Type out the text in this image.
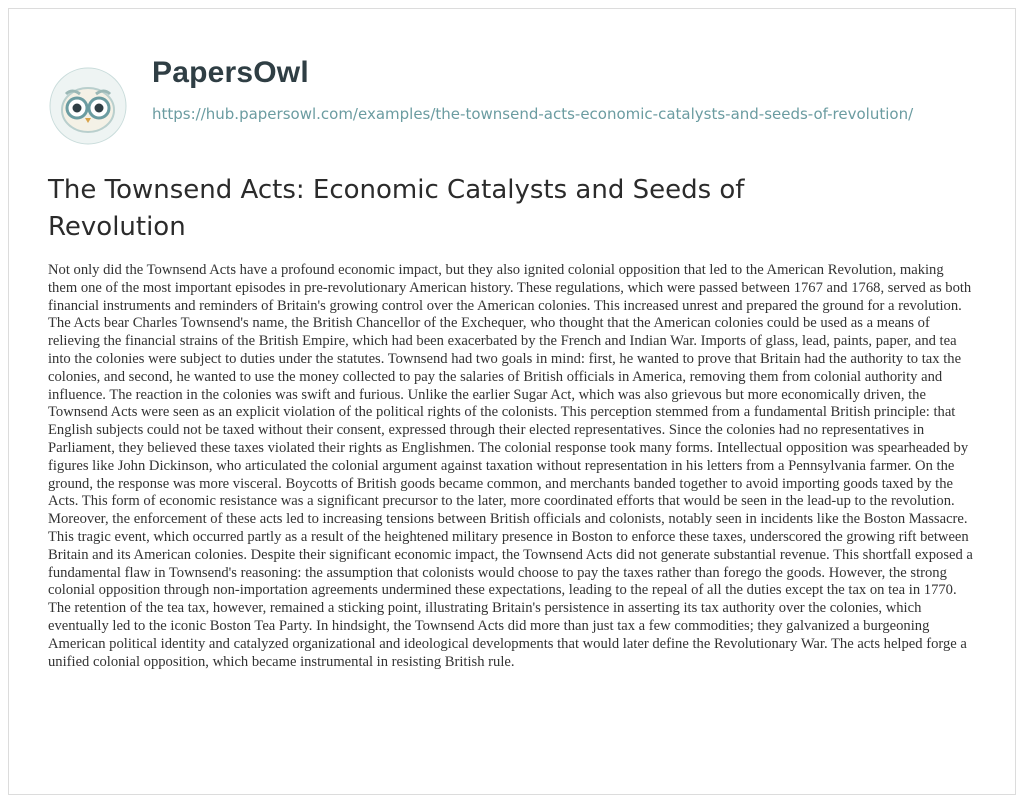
PapersOwl
https://hub.papersowl.com/examples/the-townsend-acts-economic-catalysts-and-seeds-of-revolution/
The Townsend Acts: Economic Catalysts and Seeds of Revolution

Not only did the Townsend Acts have a profound economic impact, but they also ignited colonial opposition that led to the American Revolution, making them one of the most important episodes in pre-revolutionary American history. These regulations, which were passed between 1767 and 1768, served as both financial instruments and reminders of Britain's growing control over the American colonies. This increased unrest and prepared the ground for a revolution. The Acts bear Charles Townsend's name, the British Chancellor of the Exchequer, who thought that the American colonies could be used as a means of relieving the financial strains of the British Empire, which had been exacerbated by the French and Indian War. Imports of glass, lead, paints, paper, and tea into the colonies were subject to duties under the statutes. Townsend had two goals in mind: first, he wanted to prove that Britain had the authority to tax the colonies, and second, he wanted to use the money collected to pay the salaries of British officials in America, removing them from colonial authority and influence. The reaction in the colonies was swift and furious. Unlike the earlier Sugar Act, which was also grievous but more economically driven, the Townsend Acts were seen as an explicit violation of the political rights of the colonists. This perception stemmed from a fundamental British principle: that English subjects could not be taxed without their consent, expressed through their elected representatives. Since the colonies had no representatives in Parliament, they believed these taxes violated their rights as Englishmen. The colonial response took many forms. Intellectual opposition was spearheaded by figures like John Dickinson, who articulated the colonial argument against taxation without representation in his letters from a Pennsylvania farmer. On the ground, the response was more visceral. Boycotts of British goods became common, and merchants banded together to avoid importing goods taxed by the Acts. This form of economic resistance was a significant precursor to the later, more coordinated efforts that would be seen in the lead-up to the revolution. Moreover, the enforcement of these acts led to increasing tensions between British officials and colonists, notably seen in incidents like the Boston Massacre. This tragic event, which occurred partly as a result of the heightened military presence in Boston to enforce these taxes, underscored the growing rift between Britain and its American colonies. Despite their significant economic impact, the Townsend Acts did not generate substantial revenue. This shortfall exposed a fundamental flaw in Townsend's reasoning: the assumption that colonists would choose to pay the taxes rather than forego the goods. However, the strong colonial opposition through non-importation agreements undermined these expectations, leading to the repeal of all the duties except the tax on tea in 1770. The retention of the tea tax, however, remained a sticking point, illustrating Britain's persistence in asserting its tax authority over the colonies, which eventually led to the iconic Boston Tea Party. In hindsight, the Townsend Acts did more than just tax a few commodities; they galvanized a burgeoning American political identity and catalyzed organizational and ideological developments that would later define the Revolutionary War. The acts helped forge a unified colonial opposition, which became instrumental in resisting British rule.
